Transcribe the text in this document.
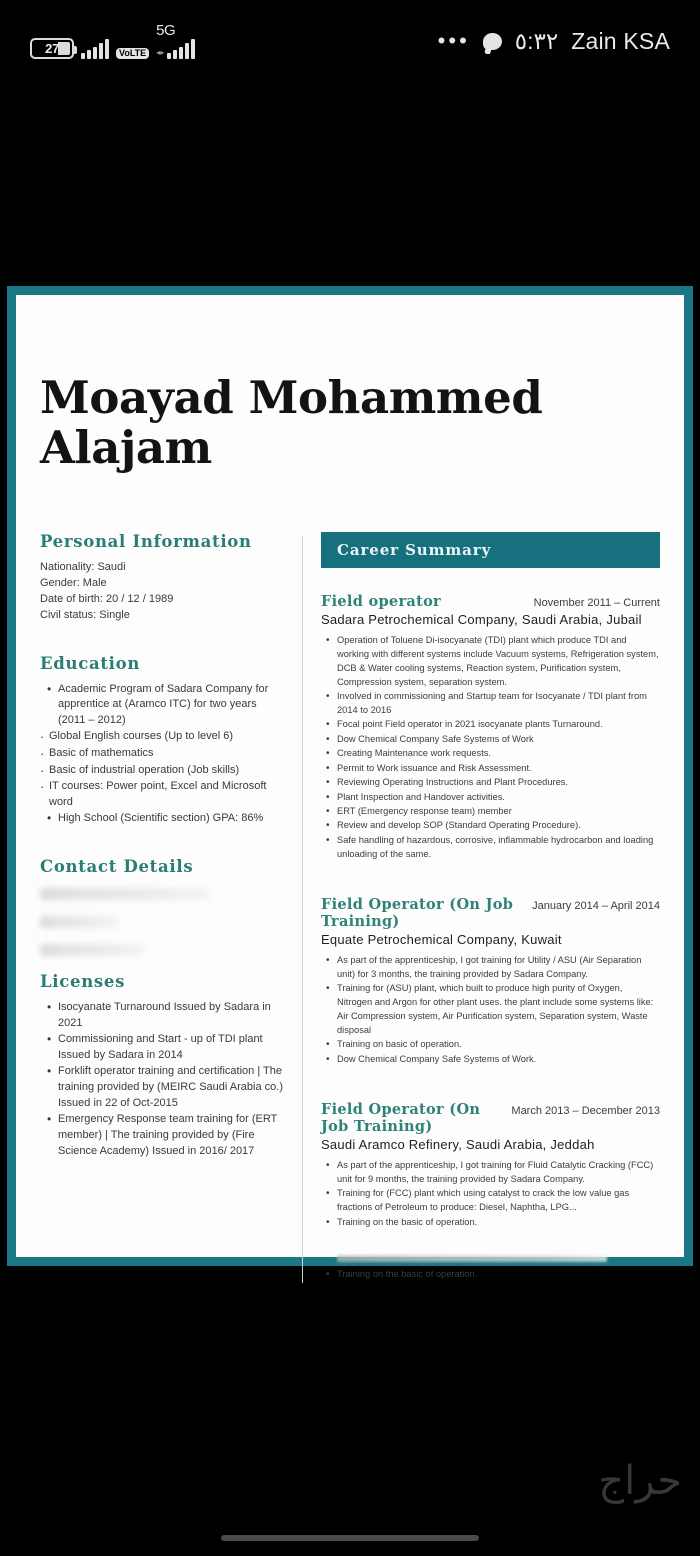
27	VoLTE
5G
◂▸	••• ٥:٣٢ Zain KSA
Moayad Mohammed Alajam
Personal Information
Nationality: Saudi
Gender: Male
Date of birth: 20 / 12 / 1989
Civil status: Single
Education
• Academic Program of Sadara Company for apprentice at (Aramco ITC) for two years (2011 – 2012)
· Global English courses (Up to level 6)
· Basic of mathematics
· Basic of industrial operation (Job skills)
· IT courses: Power point, Excel and Microsoft word
• High School (Scientific section) GPA: 86%
Contact Details
Licenses
• Isocyanate Turnaround Issued by Sadara in 2021
• Commissioning and Start - up of TDI plant Issued by Sadara in 2014
• Forklift operator training and certification | The training provided by (MEIRC Saudi Arabia co.) Issued in 22 of Oct-2015
• Emergency Response team training for (ERT member) | The training provided by (Fire Science Academy) Issued in 2016/ 2017
Career Summary
Field operator	November 2011 – Current
Sadara Petrochemical Company, Saudi Arabia, Jubail
• Operation of Toluene Di-isocyanate (TDI) plant which produce TDI and working with different systems include Vacuum systems, Refrigeration system, DCB & Water cooling systems, Reaction system, Purification system, Compression system, separation system.
• Involved in commissioning and Startup team for Isocyanate / TDI plant from 2014 to 2016
• Focal point Field operator in 2021 isocyanate plants Turnaround.
• Dow Chemical Company Safe Systems of Work
• Creating Maintenance work requests.
• Permit to Work issuance and Risk Assessment.
• Reviewing Operating Instructions and Plant Procedures.
• Plant Inspection and Handover activities.
• ERT (Emergency response team) member
• Review and develop SOP (Standard Operating Procedure).
• Safe handling of hazardous, corrosive, inflammable hydrocarbon and loading unloading of the same.
Field Operator (On Job Training)
January 2014 – April 2014
Equate Petrochemical Company, Kuwait
• As part of the apprenticeship, I got training for Utility / ASU (Air Separation unit) for 3 months, the training provided by Sadara Company.
• Training for (ASU) plant, which built to produce high purity of Oxygen, Nitrogen and Argon for other plant uses. the plant include some systems like: Air Compression system, Air Purification system, Separation system, Waste disposal
• Training on basic of operation.
• Dow Chemical Company Safe Systems of Work.
Field Operator (On Job Training)
March 2013 – December 2013
Saudi Aramco Refinery, Saudi Arabia, Jeddah
• As part of the apprenticeship, I got training for Fluid Catalytic Cracking (FCC) unit for 9 months, the training provided by Sadara Company.
• Training for (FCC) plant which using catalyst to crack the low value gas fractions of Petroleum to produce: Diesel, Naphtha, LPG...
• Training on the basic of operation.
• Training on the basic of operation.
حراج
